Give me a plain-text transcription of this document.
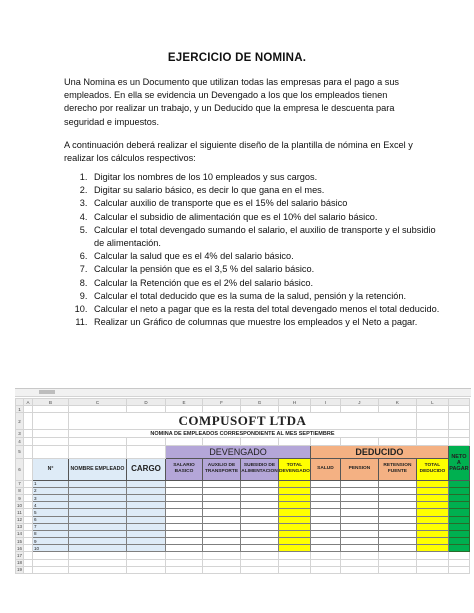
EJERCICIO DE NOMINA.
Una Nomina es un Documento que utilizan todas las empresas para el pago a sus empleados. En ella se evidencia un Devengado a los que los empleados tienen derecho por realizar un trabajo, y un Deducido que la empresa le descuenta para seguridad e impuestos.
A continuación deberá realizar el siguiente diseño de la plantilla de nómina en Excel y realizar los cálculos respectivos:
1. Digitar los nombres de los 10 empleados y sus cargos.
2. Digitar su salario básico, es decir lo que gana en el mes.
3. Calcular auxilio de transporte que es el 15% del salario básico
4. Calcular el subsidio de alimentación que es el 10% del salario básico.
5. Calcular el total devengado sumando el salario, el auxilio de transporte y el subsidio de alimentación.
6. Calcular la salud que es el 4% del salario básico.
7. Calcular la pensión que es el 3,5 % del salario básico.
8. Calcular la Retención que es el 2% del salario básico.
9. Calcular el total deducido que es la suma de la salud, pensión y la retención.
10. Calcular el neto a pagar que es la resta del total devengado menos el total deducido.
11. Realizar un Gráfico de columnas que muestre los empleados y el Neto a pagar.
	A	B	C	D	E	F	G	H	I	J	K	L	
1													
2			COMPUSOFT LTDA										
3			NOMINA DE EMPLEADOS CORRESPONDIENTE AL MES SEPTIEMBRE										
4													
5					DEVENGADO				DEDUCIDO				NETO A PAGAR
6		N°	NOMBRE EMPLEADO	CARGO	SALARIO BASICO	AUXILIO DE TRANSPORTE	SUBSIDIO DE ALIMENTACION	TOTAL DEVENGADO	SALUD	PENSION	RETENSION FUENTE	TOTAL DEDUCIDO	
7		1											
8		2											
9		3											
10		4											
11		5											
12		6											
13		7											
14		8											
15		9											
16		10											
17													
18													
19													
